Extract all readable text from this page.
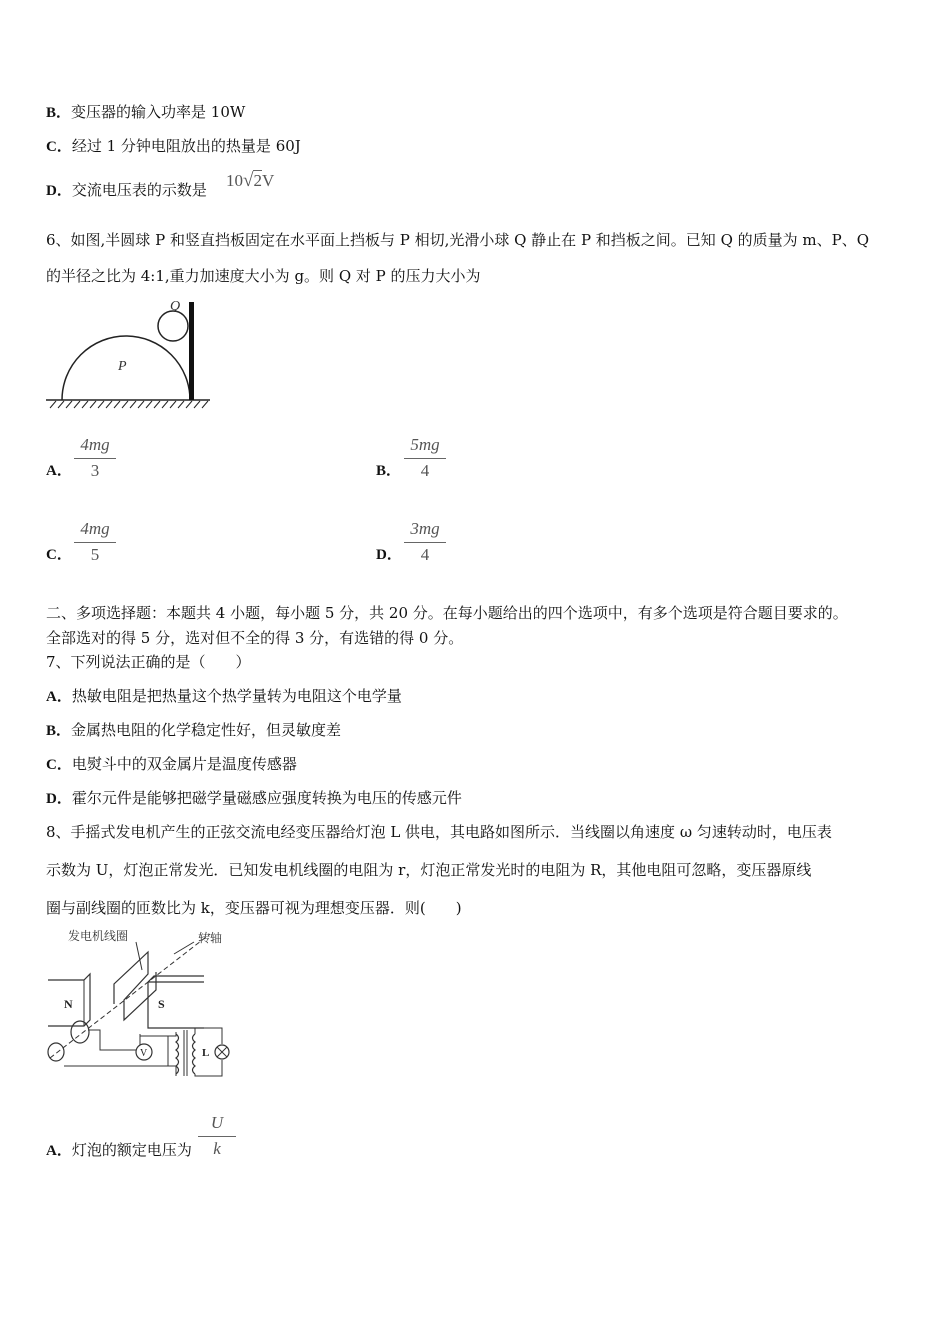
B．变压器的输入功率是 10W
C．经过 1 分钟电阻放出的热量是 60J
D．交流电压表的示数是 10√2V
6、如图,半圆球 P 和竖直挡板固定在水平面上挡板与 P 相切,光滑小球 Q 静止在 P 和挡板之间。已知 Q 的质量为 m、P、Q
的半径之比为 4:1,重力加速度大小为 g。则 Q 对 P 的压力大小为
P
Q
A． $\frac{4mg}{3}$	B． $\frac{5mg}{4}$
C． $\frac{4mg}{5}$	D． $\frac{3mg}{4}$
二、多项选择题：本题共 4 小题，每小题 5 分，共 20 分。在每小题给出的四个选项中，有多个选项是符合题目要求的。
全部选对的得 5 分，选对但不全的得 3 分，有选错的得 0 分。
7、下列说法正确的是（　　）
A．热敏电阻是把热量这个热学量转为电阻这个电学量
B．金属热电阻的化学稳定性好，但灵敏度差
C．电熨斗中的双金属片是温度传感器
D．霍尔元件是能够把磁学量磁感应强度转换为电压的传感元件
8、手摇式发电机产生的正弦交流电经变压器给灯泡 L 供电，其电路如图所示．当线圈以角速度 ω 匀速转动时，电压表
示数为 U，灯泡正常发光．已知发电机线圈的电阻为 r，灯泡正常发光时的电阻为 R，其他电阻可忽略，变压器原线
圈与副线圈的匝数比为 k，变压器可视为理想变压器．则(　　)
发电机线圈	转轴
N	S
V	L
A．灯泡的额定电压为 $\frac{U}{k}$
